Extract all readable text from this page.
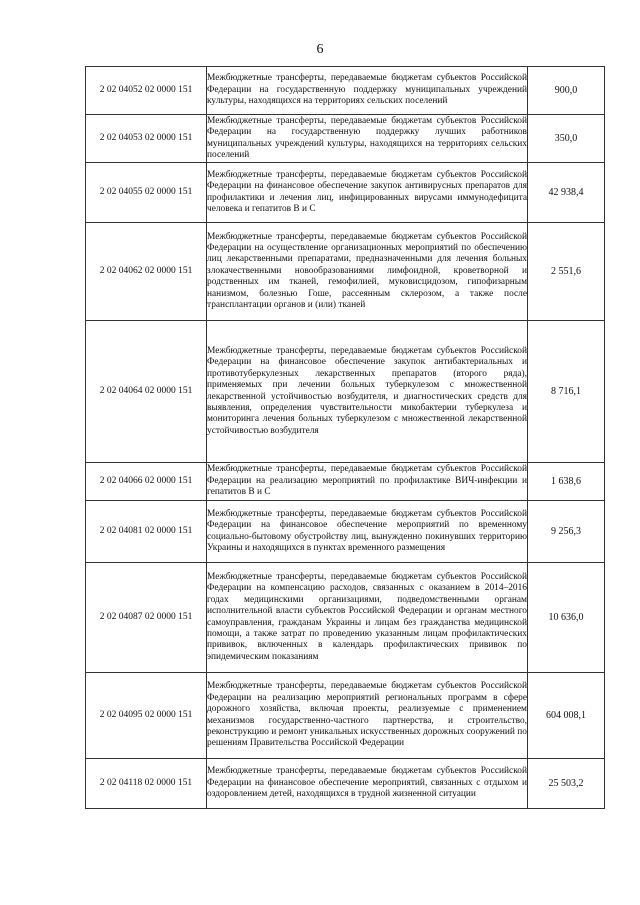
6
2 02 04052 02 0000 151	Межбюджетные трансферты, передаваемые бюджетам субъектов Российской Федерации на государственную поддержку муниципальных учреждений культуры, находящихся на территориях сельских поселений	900,0
2 02 04053 02 0000 151	Межбюджетные трансферты, передаваемые бюджетам субъектов Российской Федерации на государственную поддержку лучших работников муниципальных учреждений культуры, находящихся на территориях сельских поселений	350,0
2 02 04055 02 0000 151	Межбюджетные трансферты, передаваемые бюджетам субъектов Российской Федерации на финансовое обеспечение закупок антивирусных препаратов для профилактики и лечения лиц, инфицированных вирусами иммунодефицита человека и гепатитов B и C	42 938,4
2 02 04062 02 0000 151	Межбюджетные трансферты, передаваемые бюджетам субъектов Российской Федерации на осуществление организационных мероприятий по обеспечению лиц лекарственными препаратами, предназначенными для лечения больных злокачественными новообразованиями лимфоидной, кроветворной и родственных им тканей, гемофилией, муковисцидозом, гипофизарным нанизмом, болезнью Гоше, рассеянным склерозом, а также после трансплантации органов и (или) тканей	2 551,6
2 02 04064 02 0000 151	Межбюджетные трансферты, передаваемые бюджетам субъектов Российской Федерации на финансовое обеспечение закупок антибактериальных и противотуберкулезных лекарственных препаратов (второго ряда), применяемых при лечении больных туберкулезом с множественной лекарственной устойчивостью возбудителя, и диагностических средств для выявления, определения чувствительности микобактерии туберкулеза и мониторинга лечения больных туберкулезом с множественной лекарственной устойчивостью возбудителя	8 716,1
2 02 04066 02 0000 151	Межбюджетные трансферты, передаваемые бюджетам субъектов Российской Федерации на реализацию мероприятий по профилактике ВИЧ-инфекции и гепатитов B и C	1 638,6
2 02 04081 02 0000 151	Межбюджетные трансферты, передаваемые бюджетам субъектов Российской Федерации на финансовое обеспечение мероприятий по временному социально-бытовому обустройству лиц, вынужденно покинувших территорию Украины и находящихся в пунктах временного размещения	9 256,3
2 02 04087 02 0000 151	Межбюджетные трансферты, передаваемые бюджетам субъектов Российской Федерации на компенсацию расходов, связанных с оказанием в 2014–2016 годах медицинскими организациями, подведомственными органам исполнительной власти субъектов Российской Федерации и органам местного самоуправления, гражданам Украины и лицам без гражданства медицинской помощи, а также затрат по проведению указанным лицам профилактических прививок, включенных в календарь профилактических прививок по эпидемическим показаниям	10 636,0
2 02 04095 02 0000 151	Межбюджетные трансферты, передаваемые бюджетам субъектов Российской Федерации на реализацию мероприятий региональных программ в сфере дорожного хозяйства, включая проекты, реализуемые с применением механизмов государственно-частного партнерства, и строительство, реконструкцию и ремонт уникальных искусственных дорожных сооружений по решениям Правительства Российской Федерации	604 008,1
2 02 04118 02 0000 151	Межбюджетные трансферты, передаваемые бюджетам субъектов Российской Федерации на финансовое обеспечение мероприятий, связанных с отдыхом и оздоровлением детей, находящихся в трудной жизненной ситуации	25 503,2
